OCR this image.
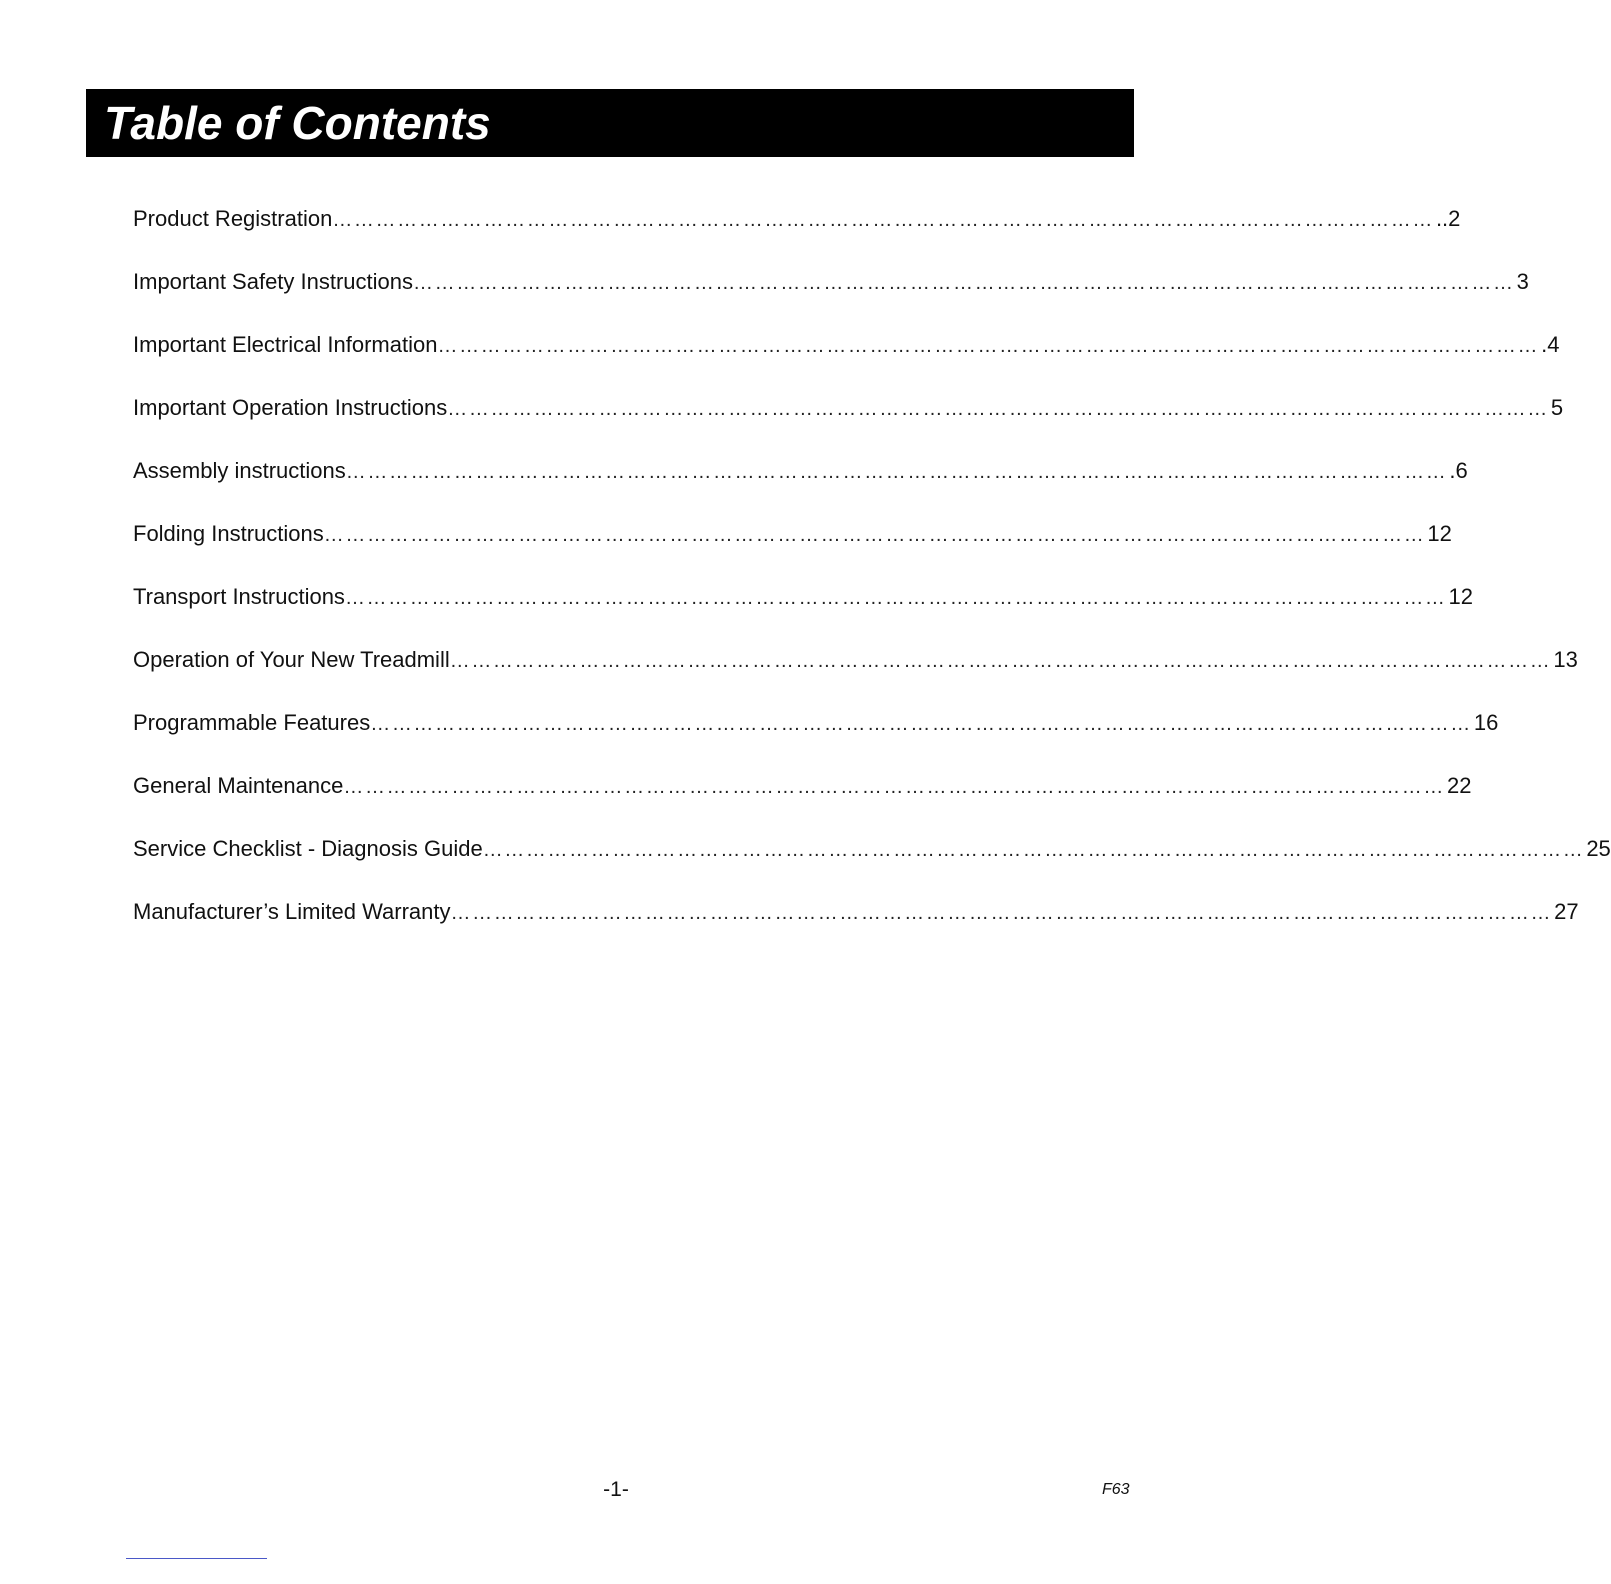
Table of Contents
Product Registration ……………………………………………………………………………………………………………………………………… ..2
Important Safety Instructions ……………………………………………………………………………………………………………………………………… 3
Important Electrical Information ……………………………………………………………………………………………………………………………………… .4
Important Operation Instructions ……………………………………………………………………………………………………………………………………… 5
Assembly instructions ……………………………………………………………………………………………………………………………………… .6
Folding Instructions ……………………………………………………………………………………………………………………………………… 12
Transport Instructions ……………………………………………………………………………………………………………………………………… 12
Operation of Your New Treadmill ……………………………………………………………………………………………………………………………………… 13
Programmable Features ……………………………………………………………………………………………………………………………………… 16
General Maintenance ……………………………………………………………………………………………………………………………………… 22
Service Checklist - Diagnosis Guide ……………………………………………………………………………………………………………………………………… 25
Manufacturer’s Limited Warranty ……………………………………………………………………………………………………………………………………… 27
-1-	F63
